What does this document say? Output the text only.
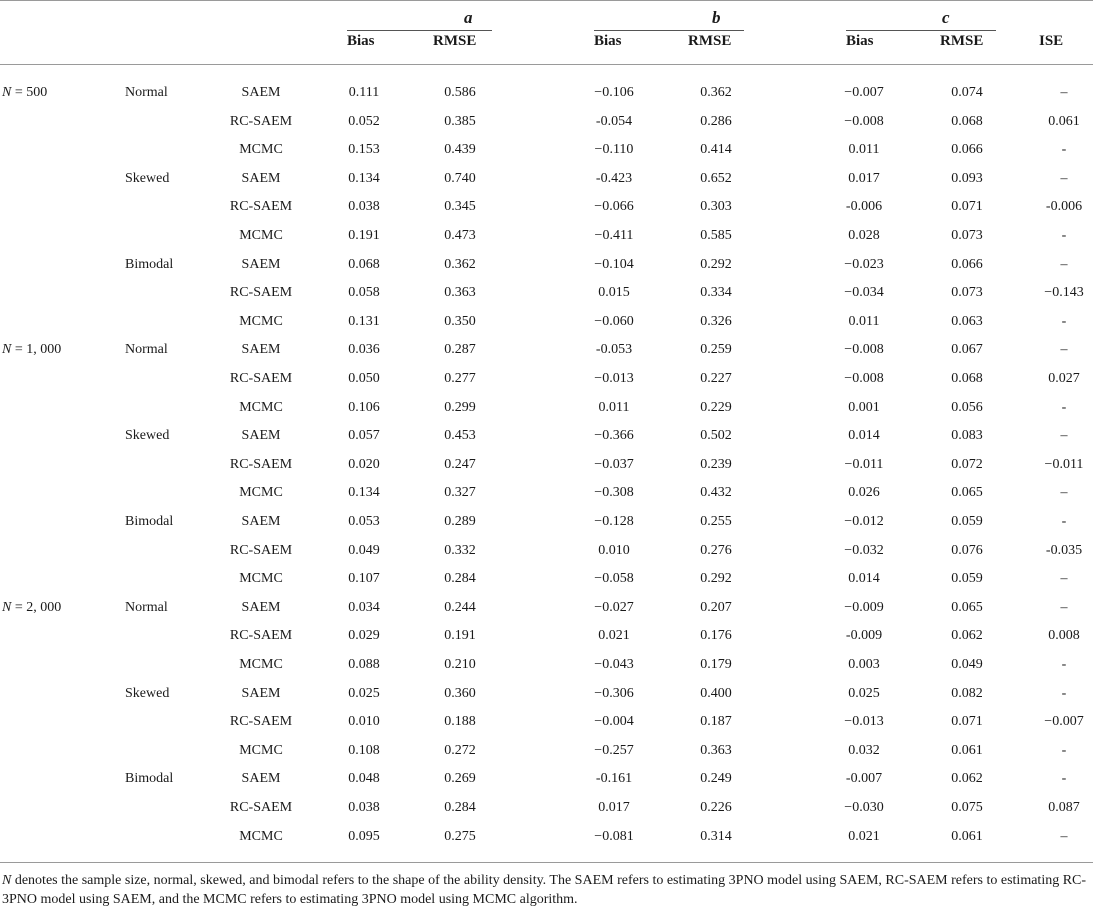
a	b	c
ISE
Bias	RMSE	Bias	RMSE	Bias	RMSE
N = 500	Normal	SAEM	0.111	0.586	−0.106	0.362	−0.007	0.074	–
RC-SAEM	0.052	0.385	-0.054	0.286	−0.008	0.068	0.061
MCMC	0.153	0.439	−0.110	0.414	0.011	0.066	-
Skewed	SAEM	0.134	0.740	-0.423	0.652	0.017	0.093	–
RC-SAEM	0.038	0.345	−0.066	0.303	-0.006	0.071	-0.006
MCMC	0.191	0.473	−0.411	0.585	0.028	0.073	-
Bimodal	SAEM	0.068	0.362	−0.104	0.292	−0.023	0.066	–
RC-SAEM	0.058	0.363	0.015	0.334	−0.034	0.073	−0.143
MCMC	0.131	0.350	−0.060	0.326	0.011	0.063	-
N = 1, 000	Normal	SAEM	0.036	0.287	-0.053	0.259	−0.008	0.067	–
RC-SAEM	0.050	0.277	−0.013	0.227	−0.008	0.068	0.027
MCMC	0.106	0.299	0.011	0.229	0.001	0.056	-
Skewed	SAEM	0.057	0.453	−0.366	0.502	0.014	0.083	–
RC-SAEM	0.020	0.247	−0.037	0.239	−0.011	0.072	−0.011
MCMC	0.134	0.327	−0.308	0.432	0.026	0.065	–
Bimodal	SAEM	0.053	0.289	−0.128	0.255	−0.012	0.059	-
RC-SAEM	0.049	0.332	0.010	0.276	−0.032	0.076	-0.035
MCMC	0.107	0.284	−0.058	0.292	0.014	0.059	–
N = 2, 000	Normal	SAEM	0.034	0.244	−0.027	0.207	−0.009	0.065	–
RC-SAEM	0.029	0.191	0.021	0.176	-0.009	0.062	0.008
MCMC	0.088	0.210	−0.043	0.179	0.003	0.049	-
Skewed	SAEM	0.025	0.360	−0.306	0.400	0.025	0.082	-
RC-SAEM	0.010	0.188	−0.004	0.187	−0.013	0.071	−0.007
MCMC	0.108	0.272	−0.257	0.363	0.032	0.061	-
Bimodal	SAEM	0.048	0.269	-0.161	0.249	-0.007	0.062	-
RC-SAEM	0.038	0.284	0.017	0.226	−0.030	0.075	0.087
MCMC	0.095	0.275	−0.081	0.314	0.021	0.061	–
N denotes the sample size, normal, skewed, and bimodal refers to the shape of the ability density. The SAEM refers to estimating 3PNO model using SAEM, RC-SAEM refers to estimating RC-3PNO model using SAEM, and the MCMC refers to estimating 3PNO model using MCMC algorithm.
